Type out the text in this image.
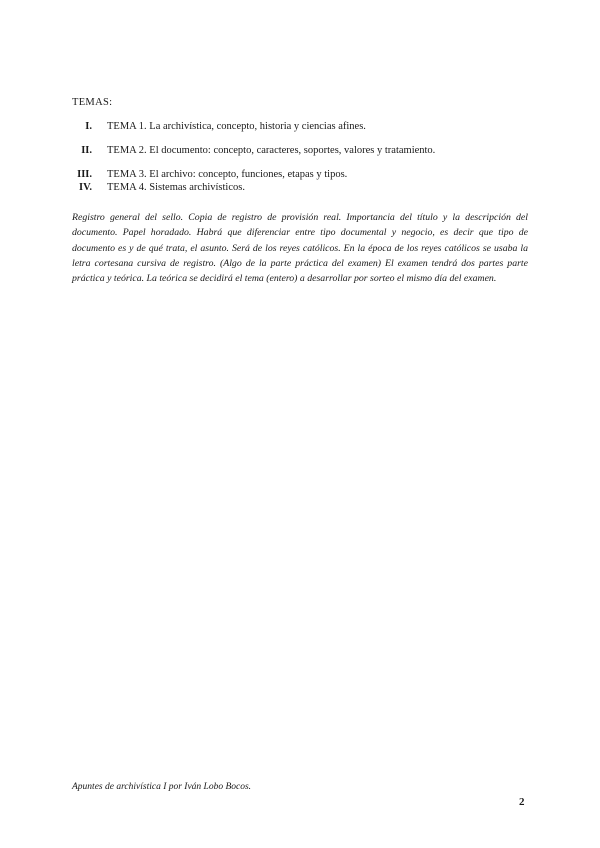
TEMAS:
I.	TEMA 1. La archivística, concepto, historia y ciencias afines.
II.	TEMA 2. El documento: concepto, caracteres, soportes, valores y tratamiento.
III.	TEMA 3. El archivo: concepto, funciones, etapas y tipos.
IV.	TEMA 4. Sistemas archivísticos.
Registro general del sello. Copia de registro de provisión real. Importancia del título y la descripción del documento. Papel horadado. Habrá que diferenciar entre tipo documental y negocio, es decir que tipo de documento es y de qué trata, el asunto. Será de los reyes católicos. En la época de los reyes católicos se usaba la letra cortesana cursiva de registro. (Algo de la parte práctica del examen) El examen tendrá dos partes parte práctica y teórica. La teórica se decidirá el tema (entero) a desarrollar por sorteo el mismo día del examen.
Apuntes de archivística I por Iván Lobo Bocos.
2
